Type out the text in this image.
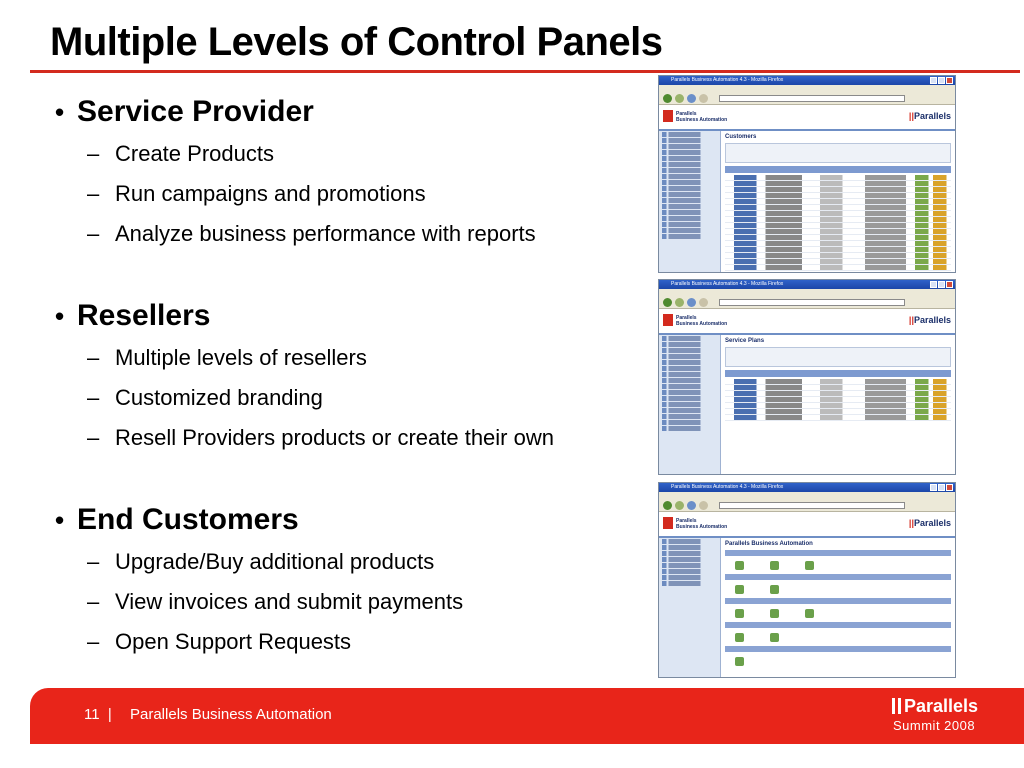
Multiple Levels of Control Panels
• Service Provider
– Create Products
– Run campaigns and promotions
– Analyze business performance with reports
• Resellers
– Multiple levels of resellers
– Customized branding
– Resell Providers products or create their own
• End Customers
– Upgrade/Buy additional products
– View invoices and submit payments
– Open Support Requests
Parallels Business Automation 4.3 - Mozilla Firefox
Parallels
Business Automation	||Parallels
Customers
Parallels Business Automation 4.3 - Mozilla Firefox
Parallels
Business Automation	||Parallels
Service Plans
Parallels Business Automation 4.3 - Mozilla Firefox
Parallels
Business Automation	||Parallels
Parallels Business Automation
11 | Parallels Business Automation	Parallels
Summit 2008
